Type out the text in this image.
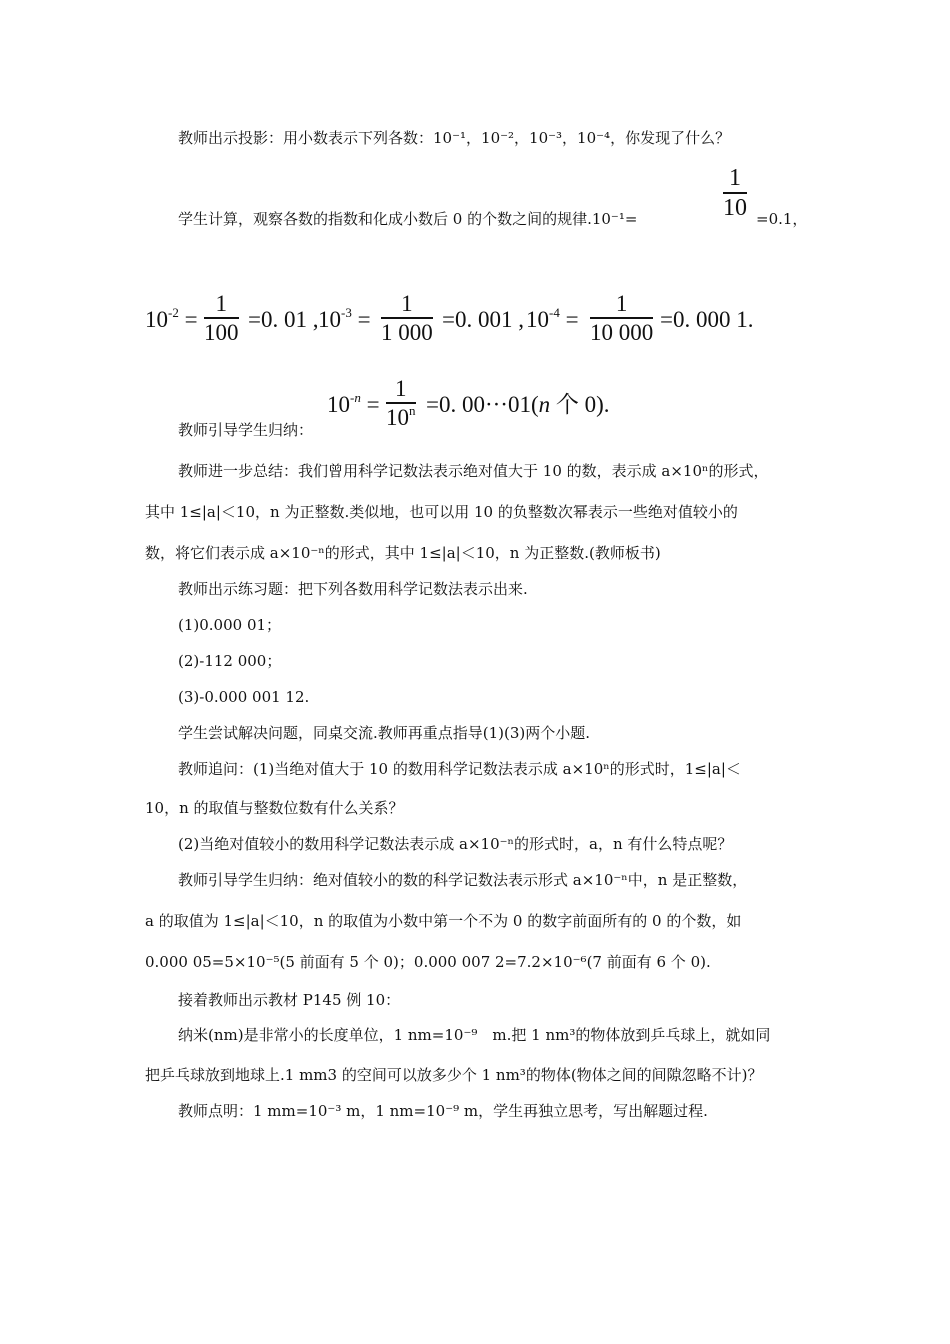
教师出示投影：用小数表示下列各数：10⁻¹，10⁻²，10⁻³，10⁻⁴，你发现了什么？
学生计算，观察各数的指数和化成小数后 0 的个数之间的规律.10⁻¹=
1
10 =0.1，
$10^{-2}$ =
1
100
=0. 01 , $10^{-3}$ =
1
1 000
=0. 001 , $10^{-4}$ =
1
10 000
=0. 000 1.
$10^{-n}$ =
1
$10^n =0$. 00···01(n 个 0).
教师引导学生归纳：
教师进一步总结：我们曾用科学记数法表示绝对值大于 10 的数，表示成 a×10ⁿ的形式，
其中 1≤|a|＜10，n 为正整数.类似地，也可以用 10 的负整数次幂表示一些绝对值较小的
数，将它们表示成 a×10⁻ⁿ的形式，其中 1≤|a|＜10，n 为正整数.(教师板书)
教师出示练习题：把下列各数用科学记数法表示出来.
(1)0.000 01；
(2)-112 000；
(3)-0.000 001 12.
学生尝试解决问题，同桌交流.教师再重点指导(1)(3)两个小题.
教师追问：(1)当绝对值大于 10 的数用科学记数法表示成 a×10ⁿ的形式时，1≤|a|＜
10，n 的取值与整数位数有什么关系？
(2)当绝对值较小的数用科学记数法表示成 a×10⁻ⁿ的形式时，a，n 有什么特点呢？
教师引导学生归纳：绝对值较小的数的科学记数法表示形式 a×10⁻ⁿ中，n 是正整数，
a 的取值为 1≤|a|＜10，n 的取值为小数中第一个不为 0 的数字前面所有的 0 的个数，如
0.000 05=5×10⁻⁵(5 前面有 5 个 0)；0.000 007 2=7.2×10⁻⁶(7 前面有 6 个 0).
接着教师出示教材 P145 例 10：
纳米(nm)是非常小的长度单位，1 nm=10⁻⁹　m.把 1 nm³的物体放到乒乓球上，就如同
把乒乓球放到地球上.1 mm3 的空间可以放多少个 1 nm³的物体(物体之间的间隙忽略不计)？
教师点明：1 mm=10⁻³ m，1 nm=10⁻⁹ m，学生再独立思考，写出解题过程.
